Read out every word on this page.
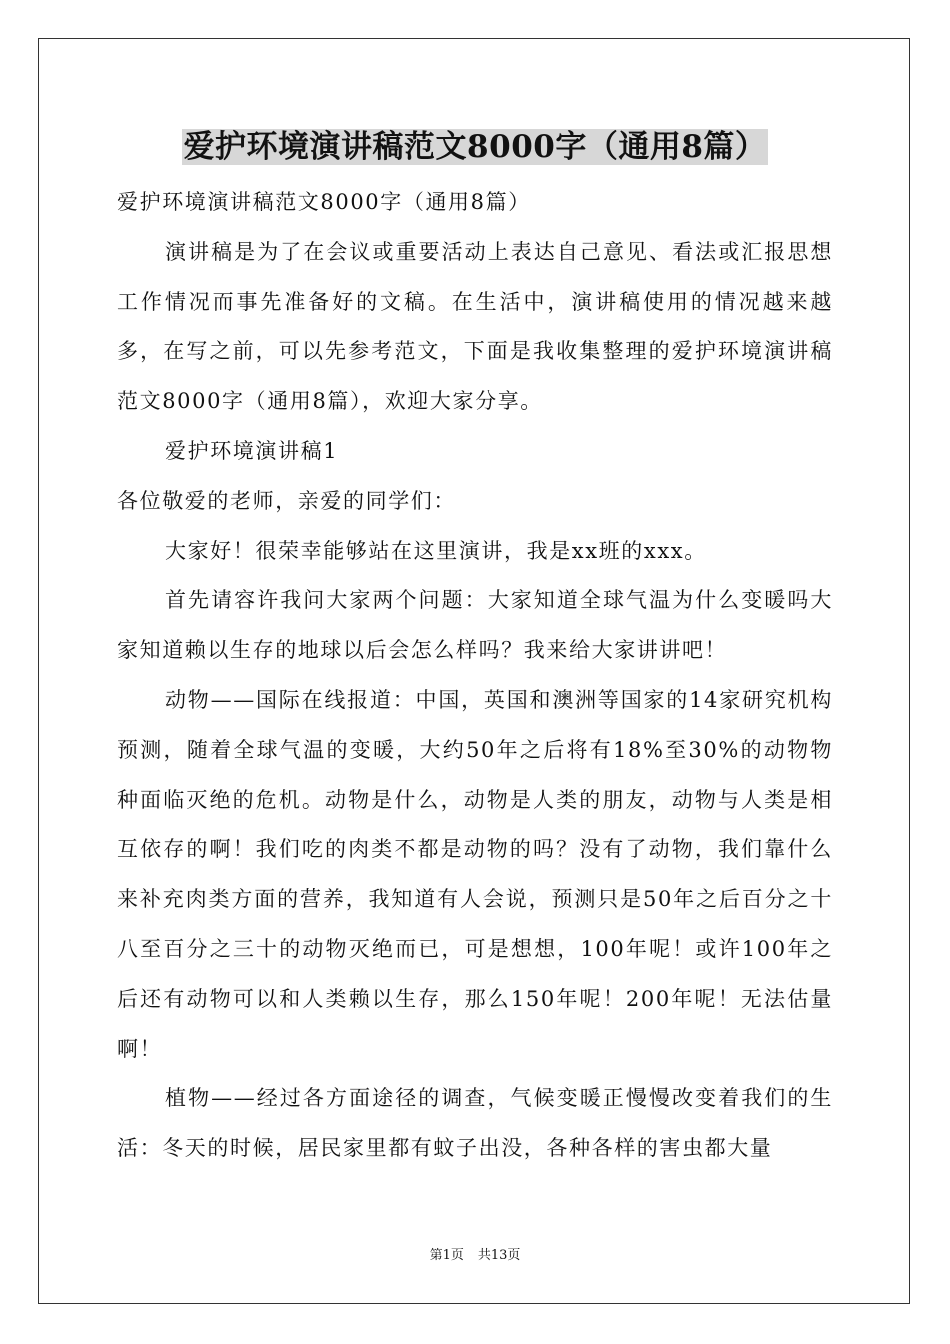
爱护环境演讲稿范文8000字（通用8篇）

爱护环境演讲稿范文8000字（通用8篇）

演讲稿是为了在会议或重要活动上表达自己意见、看法或汇报思想工作情况而事先准备好的文稿。在生活中，演讲稿使用的情况越来越多，在写之前，可以先参考范文，下面是我收集整理的爱护环境演讲稿范文8000字（通用8篇），欢迎大家分享。

爱护环境演讲稿1

各位敬爱的老师，亲爱的同学们：

大家好！很荣幸能够站在这里演讲，我是xx班的xxx。

首先请容许我问大家两个问题：大家知道全球气温为什么变暖吗大家知道赖以生存的地球以后会怎么样吗？我来给大家讲讲吧！

动物——国际在线报道：中国，英国和澳洲等国家的14家研究机构预测，随着全球气温的变暖，大约50年之后将有18%至30%的动物物种面临灭绝的危机。动物是什么，动物是人类的朋友，动物与人类是相互依存的啊！我们吃的肉类不都是动物的吗？没有了动物，我们靠什么来补充肉类方面的营养，我知道有人会说，预测只是50年之后百分之十八至百分之三十的动物灭绝而已，可是想想，100年呢！或许100年之后还有动物可以和人类赖以生存，那么150年呢！200年呢！无法估量啊！

植物——经过各方面途径的调查，气候变暖正慢慢改变着我们的生活：冬天的时候，居民家里都有蚊子出没，各种各样的害虫都大量

第1页 共13页
